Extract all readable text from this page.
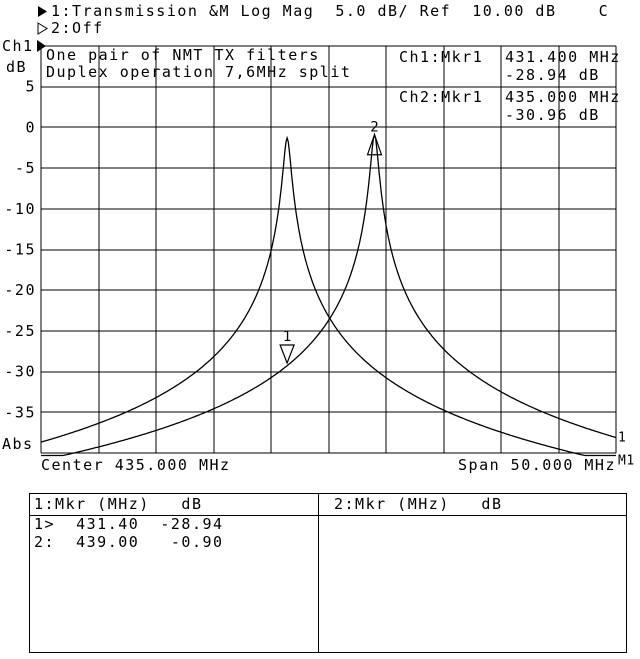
5
0
-5
-10
-15
-20
-25
-30
-35
M1
1
1
2
1:Transmission &M Log Mag  5.0 dB/ Ref  10.00 dB    C
2:Off
Ch1
dB
Abs
One pair of NMT TX filters
Duplex operation 7,6MHz split
Ch1:Mkr1 431.400 MHz
-28.94 dB
Ch2:Mkr1 435.000 MHz
-30.96 dB
Center 435.000 MHz	Span 50.000 MHz
1:Mkr (MHz)   dB	2:Mkr (MHz)   dB
1>  431.40  -28.94
2:  439.00   -0.90
